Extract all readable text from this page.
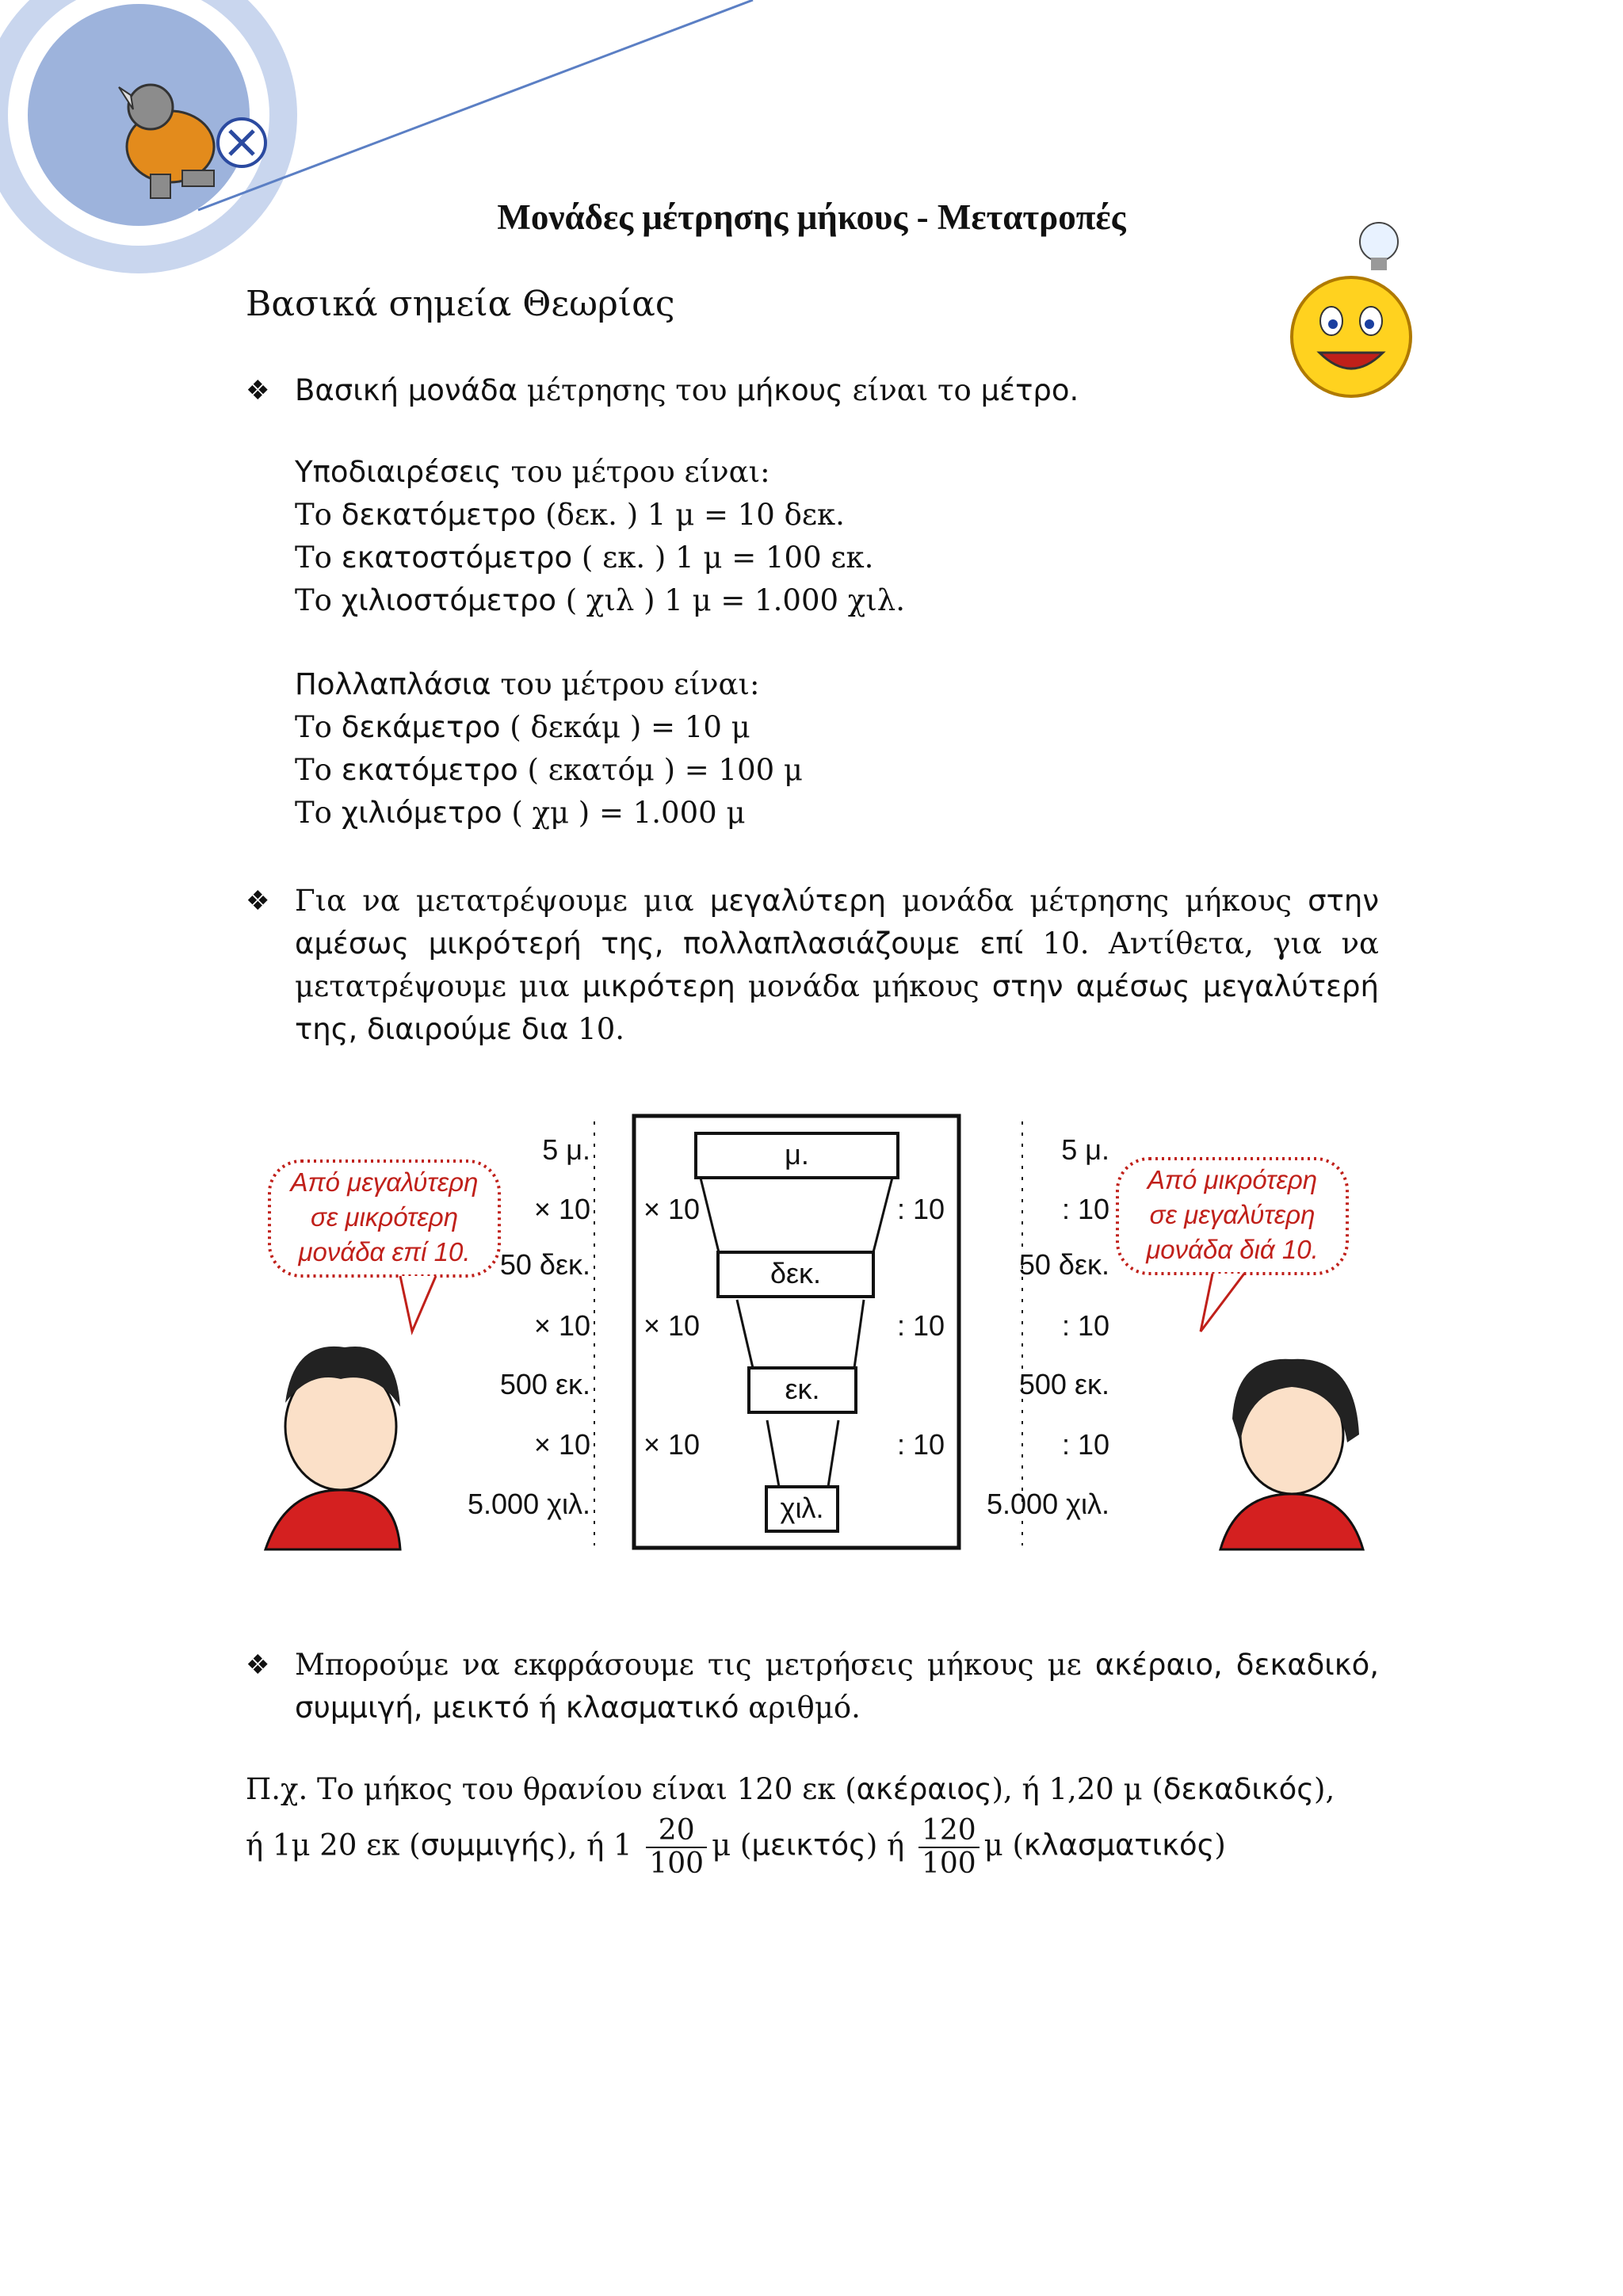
Μονάδες μέτρησης μήκους - Μετατροπές
Βασικά σημεία Θεωρίας
❖ Βασική μονάδα μέτρησης του μήκους είναι το μέτρο.
Υποδιαιρέσεις του μέτρου είναι:
Το δεκατόμετρο (δεκ. ) 1 μ = 10 δεκ.
Το εκατοστόμετρο ( εκ. ) 1 μ = 100 εκ.
Το χιλιοστόμετρο ( χιλ ) 1 μ = 1.000 χιλ.
Πολλαπλάσια του μέτρου είναι:
Το δεκάμετρο ( δεκάμ ) = 10 μ
Το εκατόμετρο ( εκατόμ ) = 100 μ
Το χιλιόμετρο ( χμ ) = 1.000 μ
❖ Για να μετατρέψουμε μια μεγαλύτερη μονάδα μέτρησης μήκους στην αμέσως μικρότερή της, πολλαπλασιάζουμε επί 10. Αντίθετα, για να μετατρέψουμε μια μικρότερη μονάδα μήκους στην αμέσως μεγαλύτερή της, διαιρούμε δια 10.
Από μεγαλύτερη
σε μικρότερη
μονάδα επί 10.
Από μικρότερη
σε μεγαλύτερη
μονάδα διά 10.
5 μ.
× 10
50 δεκ.
× 10
500 εκ.
× 10
5.000 χιλ.
× 10
× 10
× 10
: 10
: 10
: 10
μ.
δεκ.
εκ.
χιλ.
5 μ.
: 10
50 δεκ.
: 10
500 εκ.
: 10
5.000 χιλ.
❖ Μπορούμε να εκφράσουμε τις μετρήσεις μήκους με ακέραιο, δεκαδικό, συμμιγή, μεικτό ή κλασματικό αριθμό.
Π.χ. Το μήκος του θρανίου είναι 120 εκ (ακέραιος), ή 1,20 μ (δεκαδικός),
ή 1μ 20 εκ (συμμιγής), ή $1 \frac{20}{100}$ μ (μεικτός) ή $\frac{120}{100}$ μ (κλασματικός)
